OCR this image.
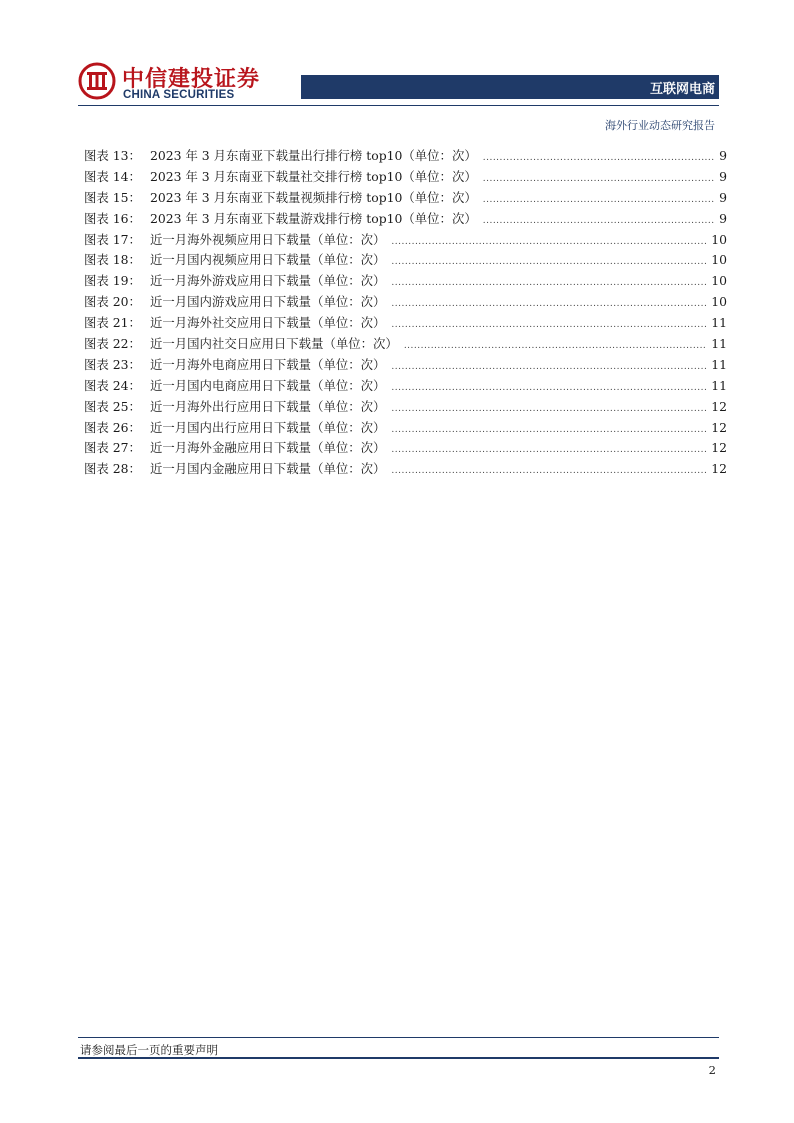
中信建投证券
CHINA SECURITIES	互联网电商
海外行业动态研究报告
图表 13： 2023 年 3 月东南亚下载量出行排行榜 top10（单位：次） .....	9
图表 14： 2023 年 3 月东南亚下载量社交排行榜 top10（单位：次） .....	9
图表 15： 2023 年 3 月东南亚下载量视频排行榜 top10（单位：次） .....	9
图表 16： 2023 年 3 月东南亚下载量游戏排行榜 top10（单位：次） .....	9
图表 17： 近一月海外视频应用日下载量（单位：次） .....	10
图表 18： 近一月国内视频应用日下载量（单位：次） .....	10
图表 19： 近一月海外游戏应用日下载量（单位：次） .....	10
图表 20： 近一月国内游戏应用日下载量（单位：次） .....	10
图表 21： 近一月海外社交应用日下载量（单位：次） .....	11
图表 22： 近一月国内社交日应用日下载量（单位：次） .....	11
图表 23： 近一月海外电商应用日下载量（单位：次） .....	11
图表 24： 近一月国内电商应用日下载量（单位：次） .....	11
图表 25： 近一月海外出行应用日下载量（单位：次） .....	12
图表 26： 近一月国内出行应用日下载量（单位：次） .....	12
图表 27： 近一月海外金融应用日下载量（单位：次） .....	12
图表 28： 近一月国内金融应用日下载量（单位：次） .....	12
请参阅最后一页的重要声明
2
